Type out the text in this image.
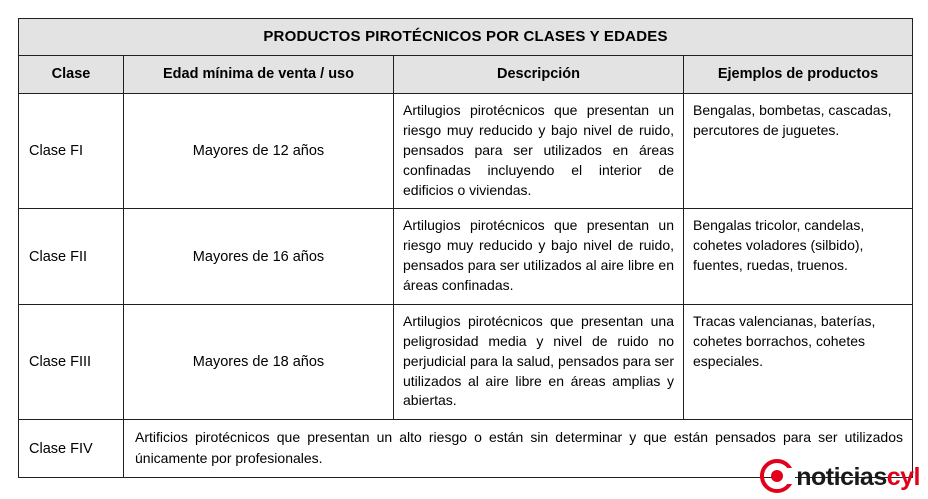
PRODUCTOS PIROTÉCNICOS POR CLASES Y EDADES			
Clase	Edad mínima de venta / uso	Descripción	Ejemplos de productos
Clase FI	Mayores de 12 años	Artilugios pirotécnicos que presentan un riesgo muy reducido y bajo nivel de ruido, pensados para ser utilizados en áreas confinadas incluyendo el interior de edificios o viviendas.	Bengalas, bombetas, cascadas, percutores de juguetes.
Clase FII	Mayores de 16 años	Artilugios pirotécnicos que presentan un riesgo muy reducido y bajo nivel de ruido, pensados para ser utilizados al aire libre en áreas confinadas.	Bengalas tricolor, candelas, cohetes voladores (silbido), fuentes, ruedas, truenos.
Clase FIII	Mayores de 18 años	Artilugios pirotécnicos que presentan una peligrosidad media y nivel de ruido no perjudicial para la salud, pensados para ser utilizados al aire libre en áreas amplias y abiertas.	Tracas valencianas, baterías, cohetes borrachos, cohetes especiales.
Clase FIV	Artificios pirotécnicos que presentan un alto riesgo o están sin determinar y que están pensados para ser utilizados únicamente por profesionales.		
noticiascyl
